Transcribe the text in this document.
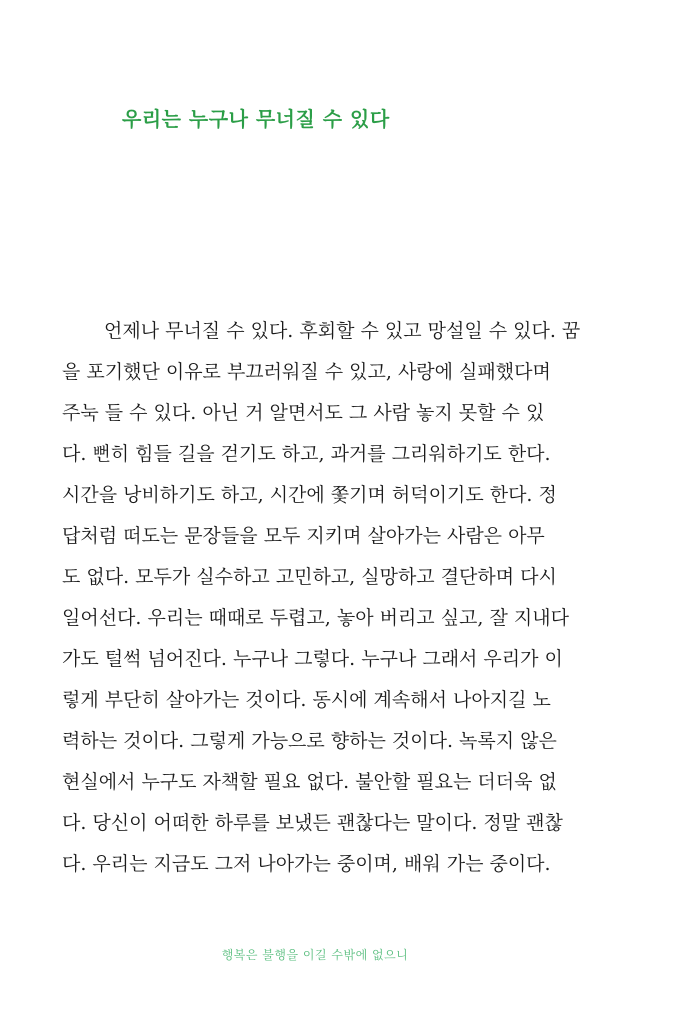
우리는 누구나 무너질 수 있다
언제나 무너질 수 있다. 후회할 수 있고 망설일 수 있다. 꿈
을 포기했단 이유로 부끄러워질 수 있고, 사랑에 실패했다며
주눅 들 수 있다. 아닌 거 알면서도 그 사람 놓지 못할 수 있
다. 뻔히 힘들 길을 걷기도 하고, 과거를 그리워하기도 한다.
시간을 낭비하기도 하고, 시간에 쫓기며 허덕이기도 한다. 정
답처럼 떠도는 문장들을 모두 지키며 살아가는 사람은 아무
도 없다. 모두가 실수하고 고민하고, 실망하고 결단하며 다시
일어선다. 우리는 때때로 두렵고, 놓아 버리고 싶고, 잘 지내다
가도 털썩 넘어진다. 누구나 그렇다. 누구나 그래서 우리가 이
렇게 부단히 살아가는 것이다. 동시에 계속해서 나아지길 노
력하는 것이다. 그렇게 가능으로 향하는 것이다. 녹록지 않은
현실에서 누구도 자책할 필요 없다. 불안할 필요는 더더욱 없
다. 당신이 어떠한 하루를 보냈든 괜찮다는 말이다. 정말 괜찮
다. 우리는 지금도 그저 나아가는 중이며, 배워 가는 중이다.

행복은 불행을 이길 수밖에 없으니
